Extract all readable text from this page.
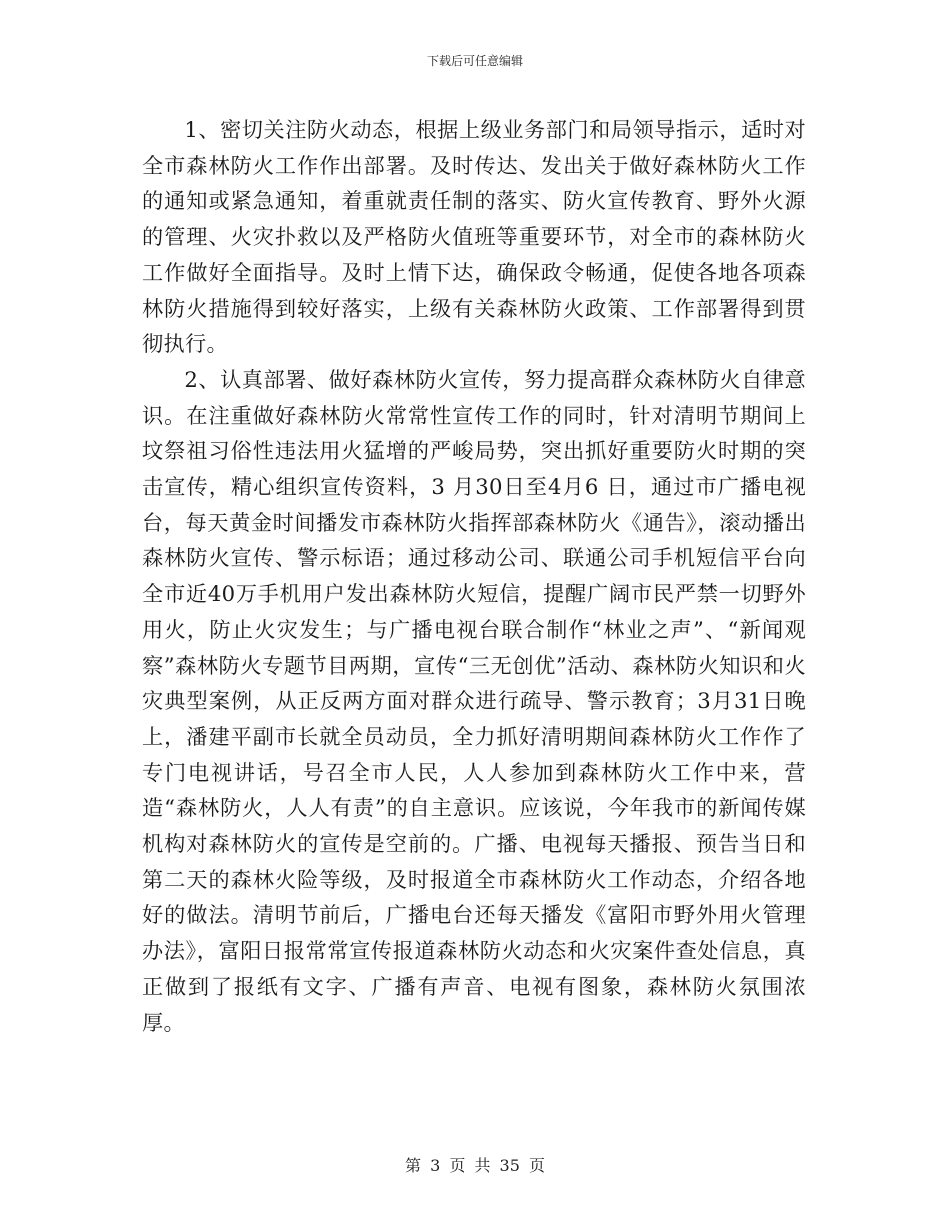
下载后可任意编辑

1、密切关注防火动态，根据上级业务部门和局领导指示，适时对全市森林防火工作作出部署。及时传达、发出关于做好森林防火工作的通知或紧急通知，着重就责任制的落实、防火宣传教育、野外火源的管理、火灾扑救以及严格防火值班等重要环节，对全市的森林防火工作做好全面指导。及时上情下达，确保政令畅通，促使各地各项森林防火措施得到较好落实，上级有关森林防火政策、工作部署得到贯彻执行。

2、认真部署、做好森林防火宣传，努力提高群众森林防火自律意识。在注重做好森林防火常常性宣传工作的同时，针对清明节期间上坟祭祖习俗性违法用火猛增的严峻局势，突出抓好重要防火时期的突击宣传，精心组织宣传资料，3 月30日至4月6 日，通过市广播电视台，每天黄金时间播发市森林防火指挥部森林防火《通告》，滚动播出森林防火宣传、警示标语；通过移动公司、联通公司手机短信平台向全市近40万手机用户发出森林防火短信，提醒广阔市民严禁一切野外用火，防止火灾发生；与广播电视台联合制作“林业之声”、“新闻观察”森林防火专题节目两期，宣传“三无创优”活动、森林防火知识和火灾典型案例，从正反两方面对群众进行疏导、警示教育；3月31日晚上，潘建平副市长就全员动员，全力抓好清明期间森林防火工作作了专门电视讲话，号召全市人民，人人参加到森林防火工作中来，营造“森林防火，人人有责”的自主意识。应该说，今年我市的新闻传媒机构对森林防火的宣传是空前的。广播、电视每天播报、预告当日和第二天的森林火险等级，及时报道全市森林防火工作动态，介绍各地好的做法。清明节前后，广播电台还每天播发《富阳市野外用火管理办法》，富阳日报常常宣传报道森林防火动态和火灾案件查处信息，真正做到了报纸有文字、广播有声音、电视有图象，森林防火氛围浓厚。

第 3 页 共 35 页
